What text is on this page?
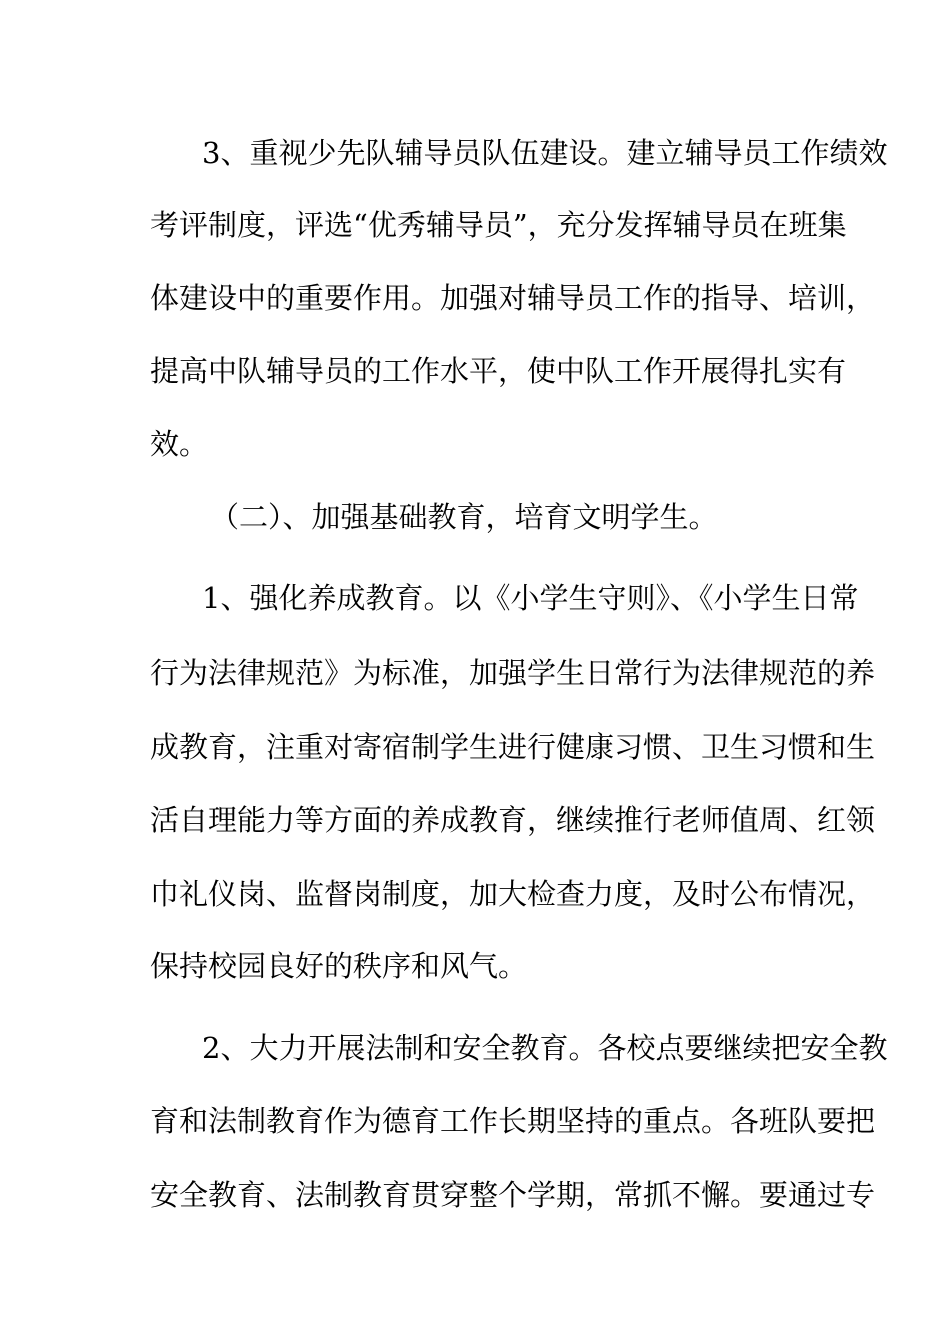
3、重视少先队辅导员队伍建设。建立辅导员工作绩效
考评制度，评选“优秀辅导员”，充分发挥辅导员在班集
体建设中的重要作用。加强对辅导员工作的指导、培训，
提高中队辅导员的工作水平，使中队工作开展得扎实有
效。
（二）、加强基础教育，培育文明学生。
1、强化养成教育。以《小学生守则》、《小学生日常
行为法律规范》为标准，加强学生日常行为法律规范的养
成教育，注重对寄宿制学生进行健康习惯、卫生习惯和生
活自理能力等方面的养成教育，继续推行老师值周、红领
巾礼仪岗、监督岗制度，加大检查力度，及时公布情况，
保持校园良好的秩序和风气。
2、大力开展法制和安全教育。各校点要继续把安全教
育和法制教育作为德育工作长期坚持的重点。各班队要把
安全教育、法制教育贯穿整个学期，常抓不懈。要通过专
